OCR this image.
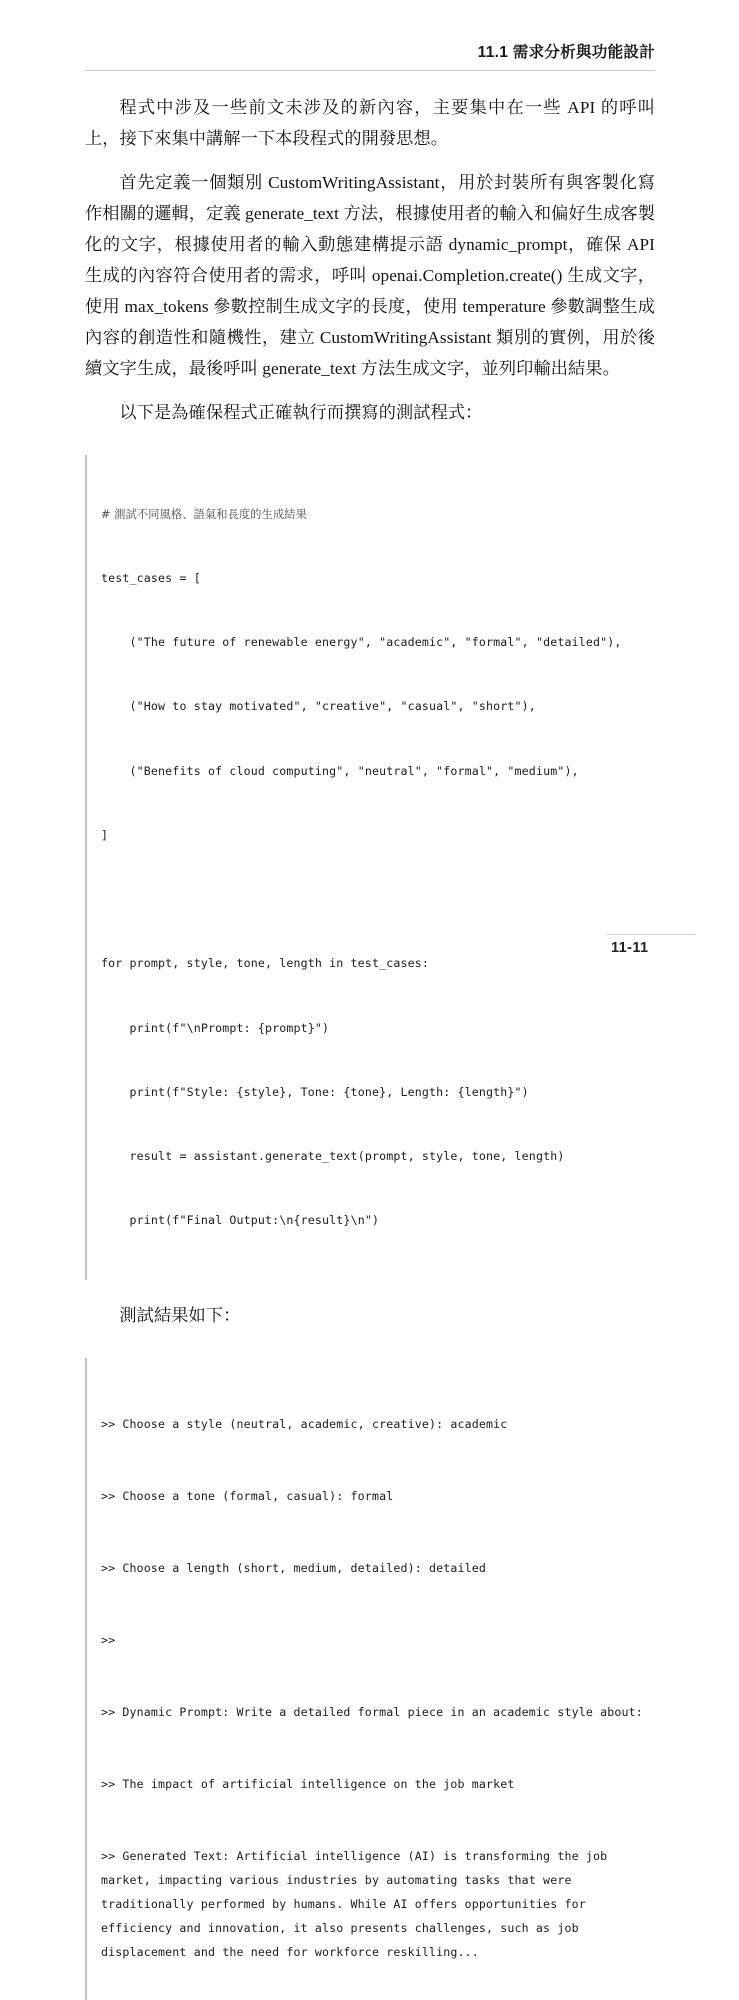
11.1 需求分析與功能設計

程式中涉及一些前文未涉及的新內容，主要集中在一些 API 的呼叫上，接下來集中講解一下本段程式的開發思想。

首先定義一個類別 CustomWritingAssistant，用於封裝所有與客製化寫作相關的邏輯，定義 generate_text 方法，根據使用者的輸入和偏好生成客製化的文字，根據使用者的輸入動態建構提示語 dynamic_prompt，確保 API 生成的內容符合使用者的需求，呼叫 openai.Completion.create() 生成文字，使用 max_tokens 參數控制生成文字的長度，使用 temperature 參數調整生成內容的創造性和隨機性，建立 CustomWritingAssistant 類別的實例，用於後續文字生成，最後呼叫 generate_text 方法生成文字，並列印輸出結果。

以下是為確保程式正確執行而撰寫的測試程式：

# 測試不同風格、語氣和長度的生成結果

test_cases = [

("The future of renewable energy", "academic", "formal", "detailed"),

("How to stay motivated", "creative", "casual", "short"),

("Benefits of cloud computing", "neutral", "formal", "medium"),

]

for prompt, style, tone, length in test_cases:

print(f"\nPrompt: {prompt}")

print(f"Style: {style}, Tone: {tone}, Length: {length}")

result = assistant.generate_text(prompt, style, tone, length)

print(f"Final Output:\n{result}\n")

測試結果如下：

>> Choose a style (neutral, academic, creative): academic

>> Choose a tone (formal, casual): formal

>> Choose a length (short, medium, detailed): detailed

>>

>> Dynamic Prompt: Write a detailed formal piece in an academic style about:

>> The impact of artificial intelligence on the job market

>> Generated Text: Artificial intelligence (AI) is transforming the job market, impacting various industries by automating tasks that were traditionally performed by humans. While AI offers opportunities for efficiency and innovation, it also presents challenges, such as job displacement and the need for workforce reskilling...

11-11
